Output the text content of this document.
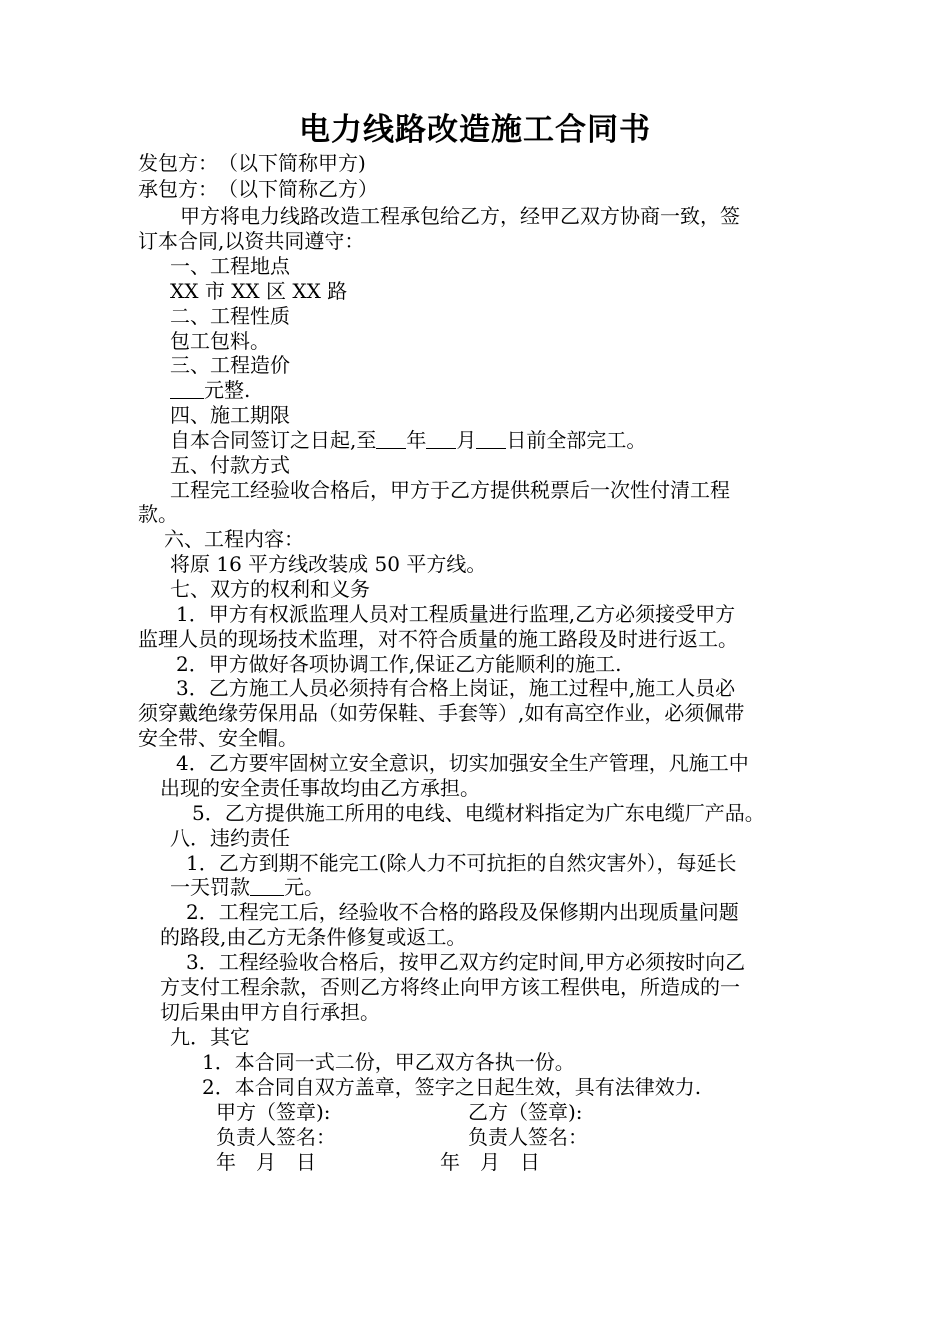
电力线路改造施工合同书
发包方：　（以下简称甲方)
承包方：　（以下简称乙方）
甲方将电力线路改造工程承包给乙方，经甲乙双方协商一致，签
订本合同,以资共同遵守：
一、工程地点
XX 市 XX 区 XX 路
二、工程性质
包工包料。
三、工程造价
元整.
四、施工期限
自本合同签订之日起,至 年 月 日前全部完工。
五、付款方式
工程完工经验收合格后，甲方于乙方提供税票后一次性付清工程
款。
六、工程内容：
将原 16 平方线改装成 50 平方线。
七、双方的权利和义务
1．甲方有权派监理人员对工程质量进行监理,乙方必须接受甲方
监理人员的现场技术监理，对不符合质量的施工路段及时进行返工。
2．甲方做好各项协调工作,保证乙方能顺利的施工.
3．乙方施工人员必须持有合格上岗证，施工过程中,施工人员必
须穿戴绝缘劳保用品（如劳保鞋、手套等）,如有高空作业，必须佩带
安全带、安全帽。
4．乙方要牢固树立安全意识，切实加强安全生产管理，凡施工中
出现的安全责任事故均由乙方承担。
5．乙方提供施工所用的电线、电缆材料指定为广东电缆厂产品。
八．违约责任
1．乙方到期不能完工(除人力不可抗拒的自然灾害外），每延长
一天罚款 元。
2．工程完工后，经验收不合格的路段及保修期内出现质量问题
的路段,由乙方无条件修复或返工。
3．工程经验收合格后，按甲乙双方约定时间,甲方必须按时向乙
方支付工程余款，否则乙方将终止向甲方该工程供电，所造成的一
切后果由甲方自行承担。
九．其它
1．本合同一式二份，甲乙双方各执一份。
2．本合同自双方盖章，签字之日起生效，具有法律效力.
甲方（签章):	乙方（签章):
负责人签名：	负责人签名：
年　月　日	年　月　日
